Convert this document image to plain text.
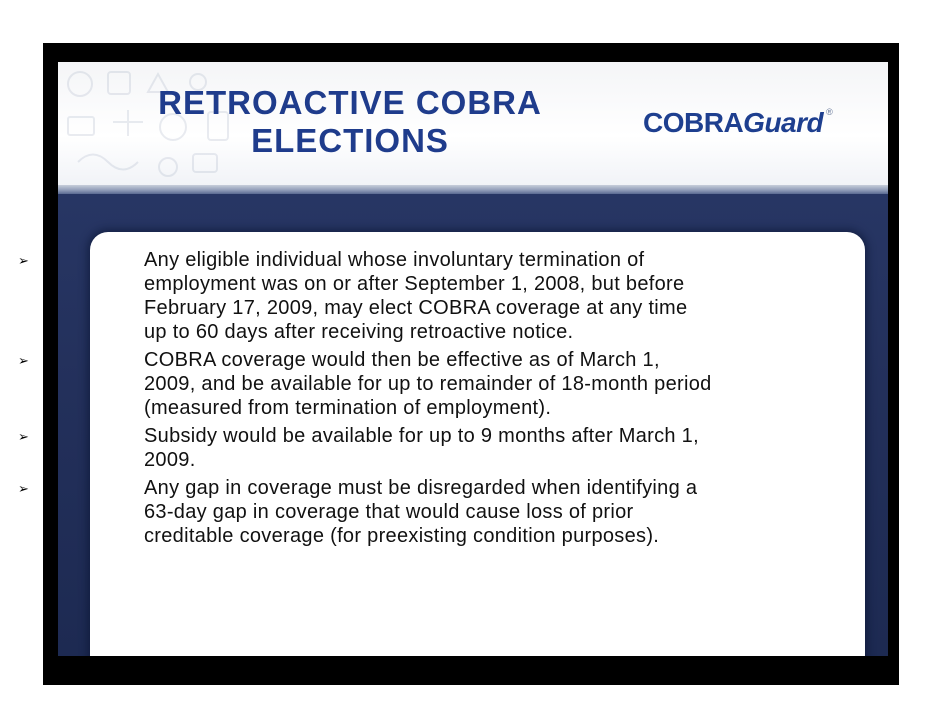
RETROACTIVE COBRA
ELECTIONS	COBRA Guard ®
➢	Any eligible individual whose involuntary termination of
employment was on or after September 1, 2008, but before
February 17, 2009, may elect COBRA coverage at any time
up to 60 days after receiving retroactive notice.
➢	COBRA coverage would then be effective as of March 1,
2009, and be available for up to remainder of 18-month period
(measured from termination of employment).
➢	Subsidy would be available for up to 9 months after March 1,
2009.
➢	Any gap in coverage must be disregarded when identifying a
63-day gap in coverage that would cause loss of prior
creditable coverage (for preexisting condition purposes).
